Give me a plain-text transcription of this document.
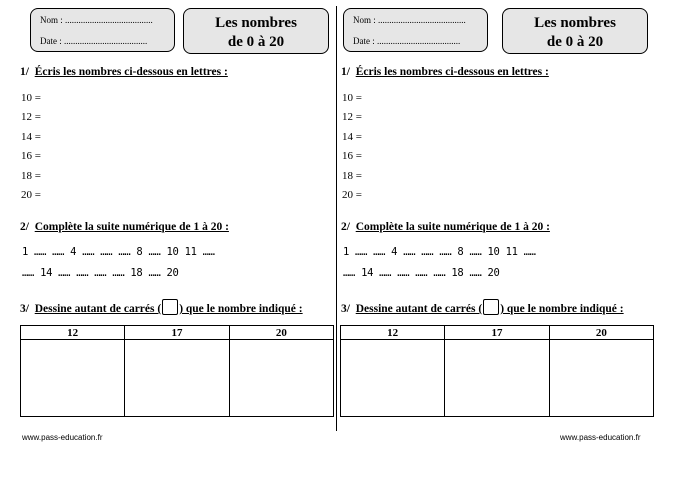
Nom : .......................................
Date : .....................................
Les nombres
de 0 à 20
1/ Écris les nombres ci-dessous en lettres :
10 =
12 =
14 =
16 =
18 =
20 =
2/ Complète la suite numérique de 1 à 20 :
1 …… …… 4 …… …… …… 8 …… 10 11 ……
…… 14 …… …… …… …… 18 …… 20
3/ Dessine autant de carrés ( ) que le nombre indiqué :
12	17	20

www.pass-education.fr
Nom : .......................................
Date : .....................................
Les nombres
de 0 à 20
1/ Écris les nombres ci-dessous en lettres :
10 =
12 =
14 =
16 =
18 =
20 =
2/ Complète la suite numérique de 1 à 20 :
1 …… …… 4 …… …… …… 8 …… 10 11 ……
…… 14 …… …… …… …… 18 …… 20
3/ Dessine autant de carrés ( ) que le nombre indiqué :
12	17	20

www.pass-education.fr
